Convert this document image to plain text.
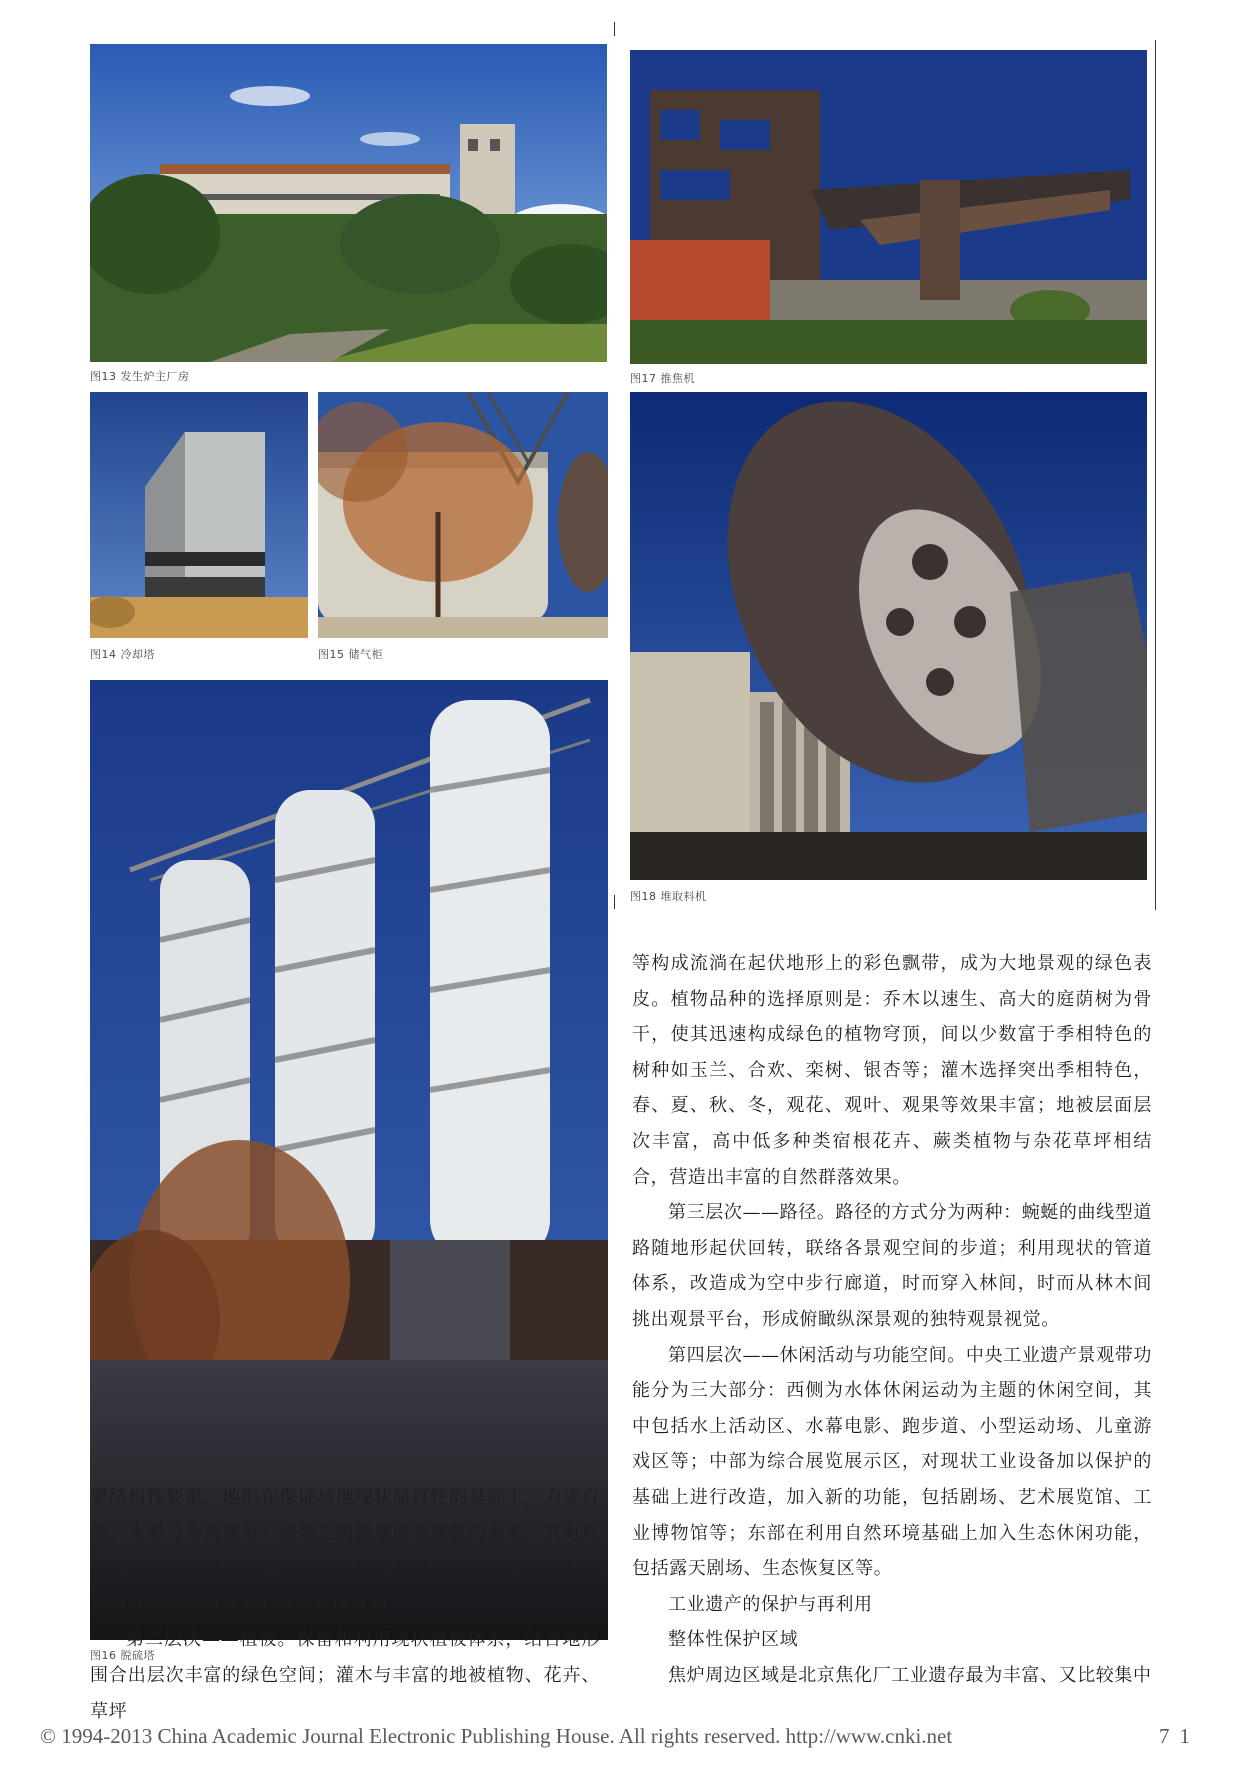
图13 发生炉主厂房
图14 冷却塔	图15 储气柜
图16 脱硫塔
图17 推焦机
图18 堆取料机

要结构性要素。地形在保证场地现状原真性的基础上，力求自然。水系分为两部分：场地左侧新增形态规整的水系，其对应水上功能有水幕电影、小型溜冰场、儿童戏水区等；场地右侧新增自然形态的水系形成生态恢复岛。

第二层次——植被。保留和利用现状植被体系，结合地形围合出层次丰富的绿色空间；灌木与丰富的地被植物、花卉、草坪

等构成流淌在起伏地形上的彩色飘带，成为大地景观的绿色表皮。植物品种的选择原则是：乔木以速生、高大的庭荫树为骨干，使其迅速构成绿色的植物穹顶，间以少数富于季相特色的树种如玉兰、合欢、栾树、银杏等；灌木选择突出季相特色，春、夏、秋、冬，观花、观叶、观果等效果丰富；地被层面层次丰富，高中低多种类宿根花卉、蕨类植物与杂花草坪相结合，营造出丰富的自然群落效果。

第三层次——路径。路径的方式分为两种：蜿蜒的曲线型道路随地形起伏回转，联络各景观空间的步道；利用现状的管道体系，改造成为空中步行廊道，时而穿入林间，时而从林木间挑出观景平台，形成俯瞰纵深景观的独特观景视觉。

第四层次——休闲活动与功能空间。中央工业遗产景观带功能分为三大部分：西侧为水体休闲运动为主题的休闲空间，其中包括水上活动区、水幕电影、跑步道、小型运动场、儿童游戏区等；中部为综合展览展示区，对现状工业设备加以保护的基础上进行改造，加入新的功能，包括剧场、艺术展览馆、工业博物馆等；东部在利用自然环境基础上加入生态休闲功能，包括露天剧场、生态恢复区等。

工业遗产的保护与再利用

整体性保护区域

焦炉周边区域是北京焦化厂工业遗存最为丰富、又比较集中

© 1994-2013 China Academic Journal Electronic Publishing House. All rights reserved. http://www.cnki.net	71
